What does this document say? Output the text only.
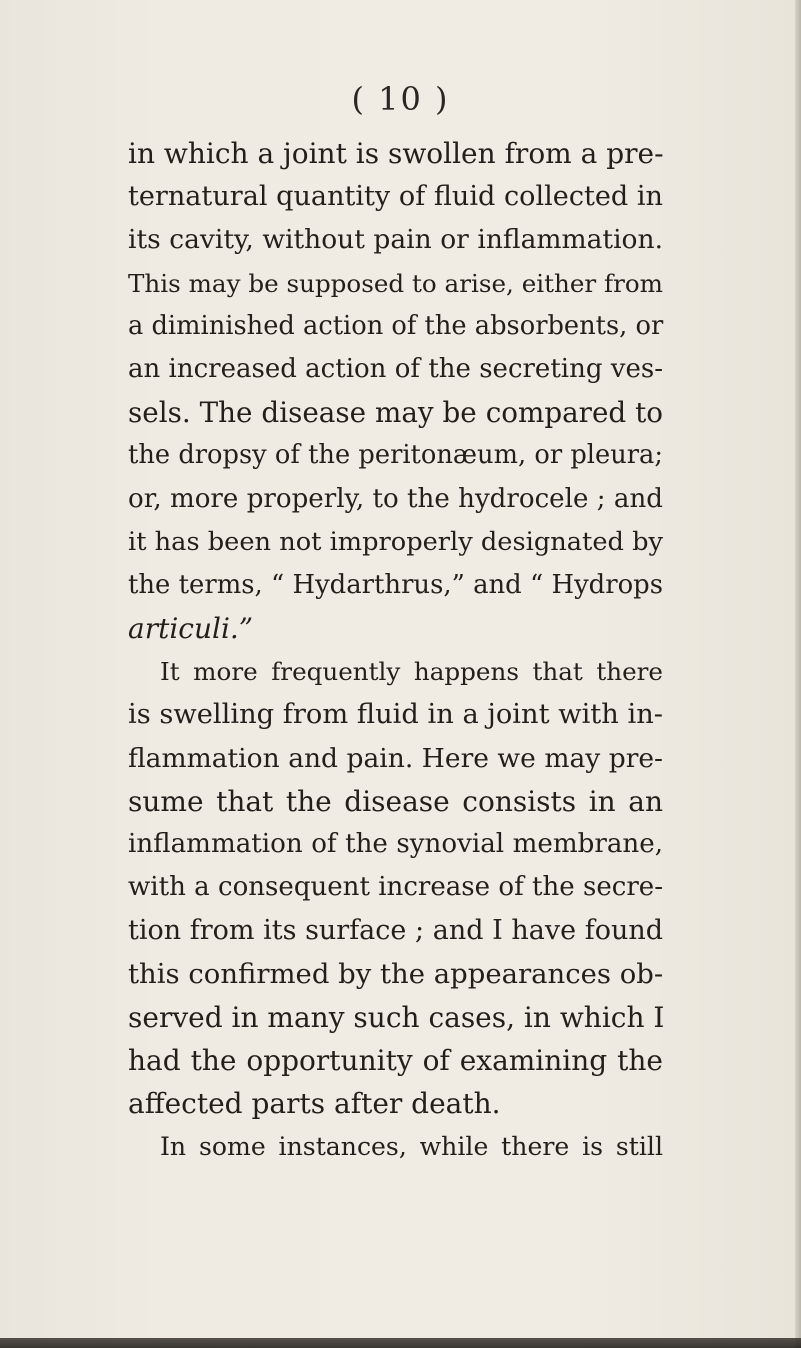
( 10 )
in which a joint is swollen from a pre-
ternatural quantity of fluid collected in
its cavity, without pain or inflammation.
This may be supposed to arise, either from
a diminished action of the absorbents, or
an increased action of the secreting ves-
sels. The disease may be compared to
the dropsy of the peritonæum, or pleura;
or, more properly, to the hydrocele ; and
it has been not improperly designated by
the terms, “ Hydarthrus,” and “ Hydrops
articuli.”
It more frequently happens that there
is swelling from fluid in a joint with in-
flammation and pain. Here we may pre-
sume that the disease consists in an
inflammation of the synovial membrane,
with a consequent increase of the secre-
tion from its surface ; and I have found
this confirmed by the appearances ob-
served in many such cases, in which I
had the opportunity of examining the
affected parts after death.
In some instances, while there is still
